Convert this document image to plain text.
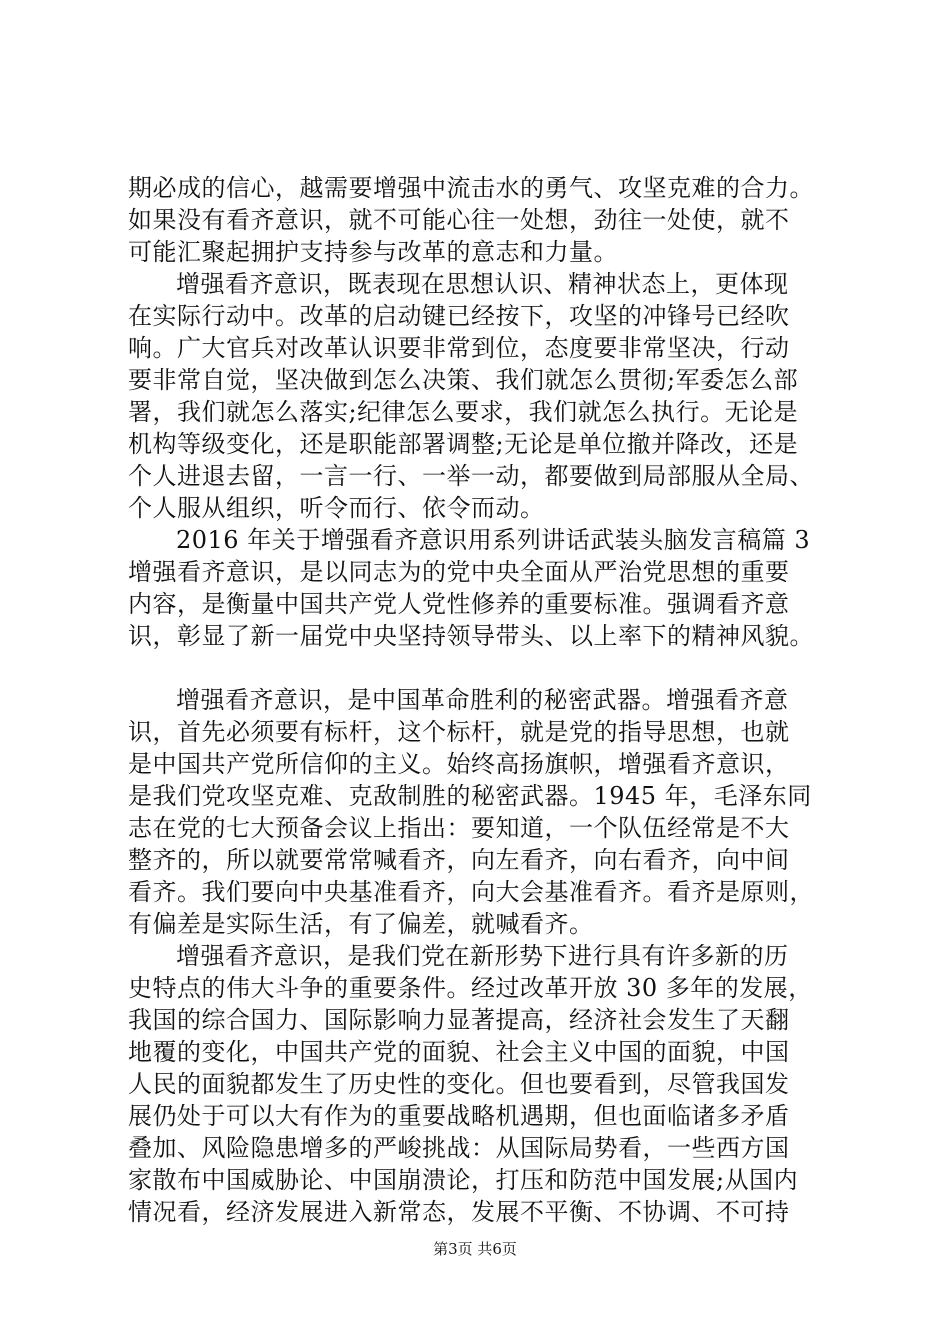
期必成的信心，越需要增强中流击水的勇气、攻坚克难的合力。
如果没有看齐意识，就不可能心往一处想，劲往一处使，就不
可能汇聚起拥护支持参与改革的意志和力量。
增强看齐意识，既表现在思想认识、精神状态上，更体现
在实际行动中。改革的启动键已经按下，攻坚的冲锋号已经吹
响。广大官兵对改革认识要非常到位，态度要非常坚决，行动
要非常自觉，坚决做到怎么决策、我们就怎么贯彻;军委怎么部
署，我们就怎么落实;纪律怎么要求，我们就怎么执行。无论是
机构等级变化，还是职能部署调整;无论是单位撤并降改，还是
个人进退去留，一言一行、一举一动，都要做到局部服从全局、
个人服从组织，听令而行、依令而动。
2016 年关于增强看齐意识用系列讲话武装头脑发言稿篇 3
增强看齐意识，是以同志为的党中央全面从严治党思想的重要
内容，是衡量中国共产党人党性修养的重要标准。强调看齐意
识，彰显了新一届党中央坚持领导带头、以上率下的精神风貌。
增强看齐意识，是中国革命胜利的秘密武器。增强看齐意
识，首先必须要有标杆，这个标杆，就是党的指导思想，也就
是中国共产党所信仰的主义。始终高扬旗帜，增强看齐意识，
是我们党攻坚克难、克敌制胜的秘密武器。1945 年，毛泽东同
志在党的七大预备会议上指出：要知道，一个队伍经常是不大
整齐的，所以就要常常喊看齐，向左看齐，向右看齐，向中间
看齐。我们要向中央基准看齐，向大会基准看齐。看齐是原则，
有偏差是实际生活，有了偏差，就喊看齐。
增强看齐意识，是我们党在新形势下进行具有许多新的历
史特点的伟大斗争的重要条件。经过改革开放 30 多年的发展，
我国的综合国力、国际影响力显著提高，经济社会发生了天翻
地覆的变化，中国共产党的面貌、社会主义中国的面貌，中国
人民的面貌都发生了历史性的变化。但也要看到，尽管我国发
展仍处于可以大有作为的重要战略机遇期，但也面临诸多矛盾
叠加、风险隐患增多的严峻挑战：从国际局势看，一些西方国
家散布中国威胁论、中国崩溃论，打压和防范中国发展;从国内
情况看，经济发展进入新常态，发展不平衡、不协调、不可持
第3页 共6页
